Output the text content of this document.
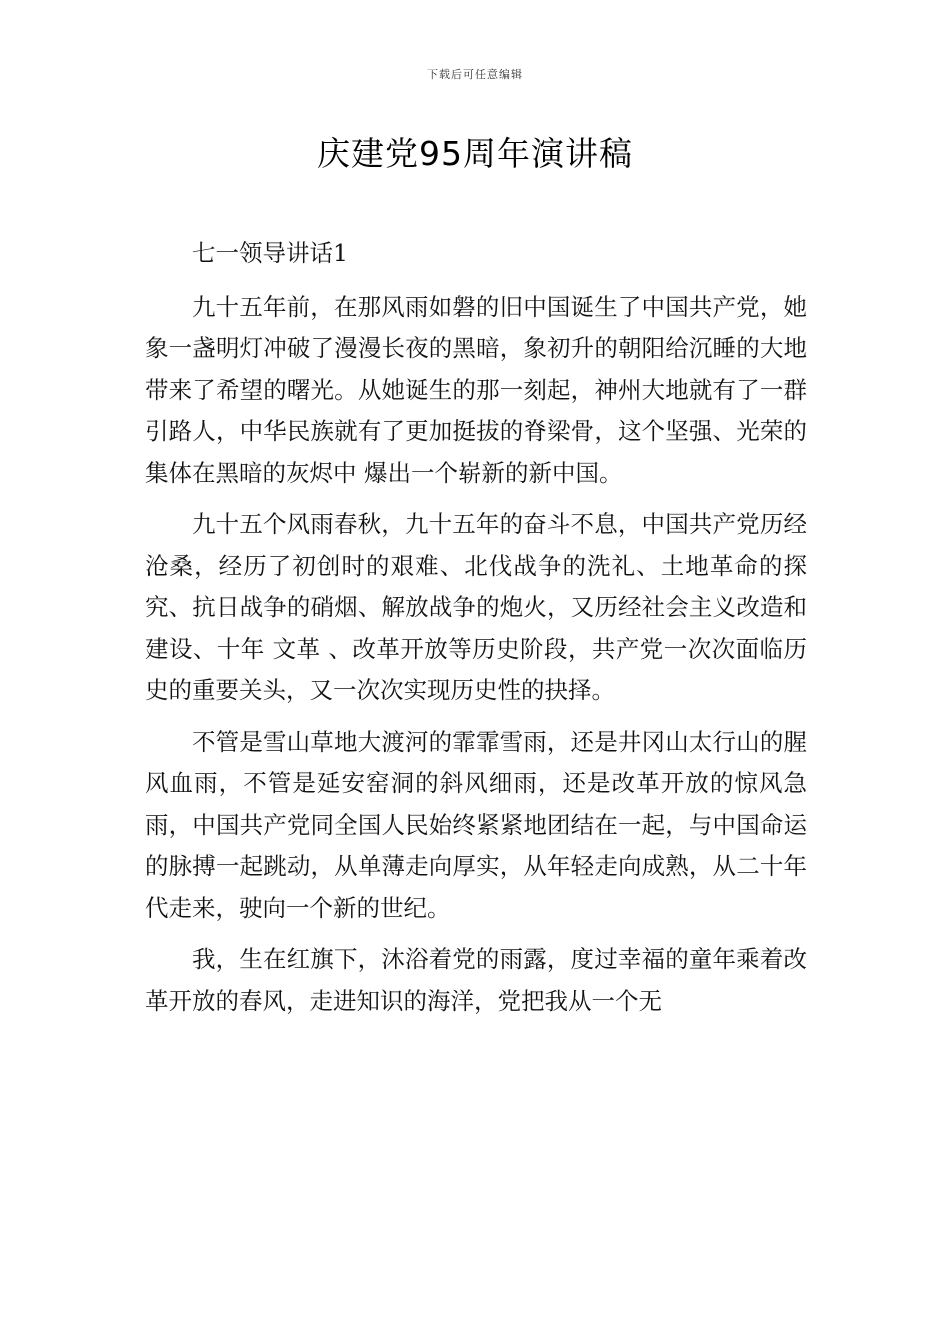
下载后可任意编辑
庆建党95周年演讲稿

七一领导讲话1

九十五年前，在那风雨如磐的旧中国诞生了中国共产党，她象一盏明灯冲破了漫漫长夜的黑暗，象初升的朝阳给沉睡的大地带来了希望的曙光。从她诞生的那一刻起，神州大地就有了一群引路人，中华民族就有了更加挺拔的脊梁骨，这个坚强、光荣的集体在黑暗的灰烬中 爆出一个崭新的新中国。

九十五个风雨春秋，九十五年的奋斗不息，中国共产党历经沧桑，经历了初创时的艰难、北伐战争的洗礼、土地革命的探究、抗日战争的硝烟、解放战争的炮火，又历经社会主义改造和建设、十年 文革 、改革开放等历史阶段，共产党一次次面临历史的重要关头，又一次次实现历史性的抉择。

不管是雪山草地大渡河的霏霏雪雨，还是井冈山太行山的腥风血雨，不管是延安窑洞的斜风细雨，还是改革开放的惊风急雨，中国共产党同全国人民始终紧紧地团结在一起，与中国命运的脉搏一起跳动，从单薄走向厚实，从年轻走向成熟，从二十年代走来，驶向一个新的世纪。

我，生在红旗下，沐浴着党的雨露，度过幸福的童年乘着改革开放的春风，走进知识的海洋，党把我从一个无
